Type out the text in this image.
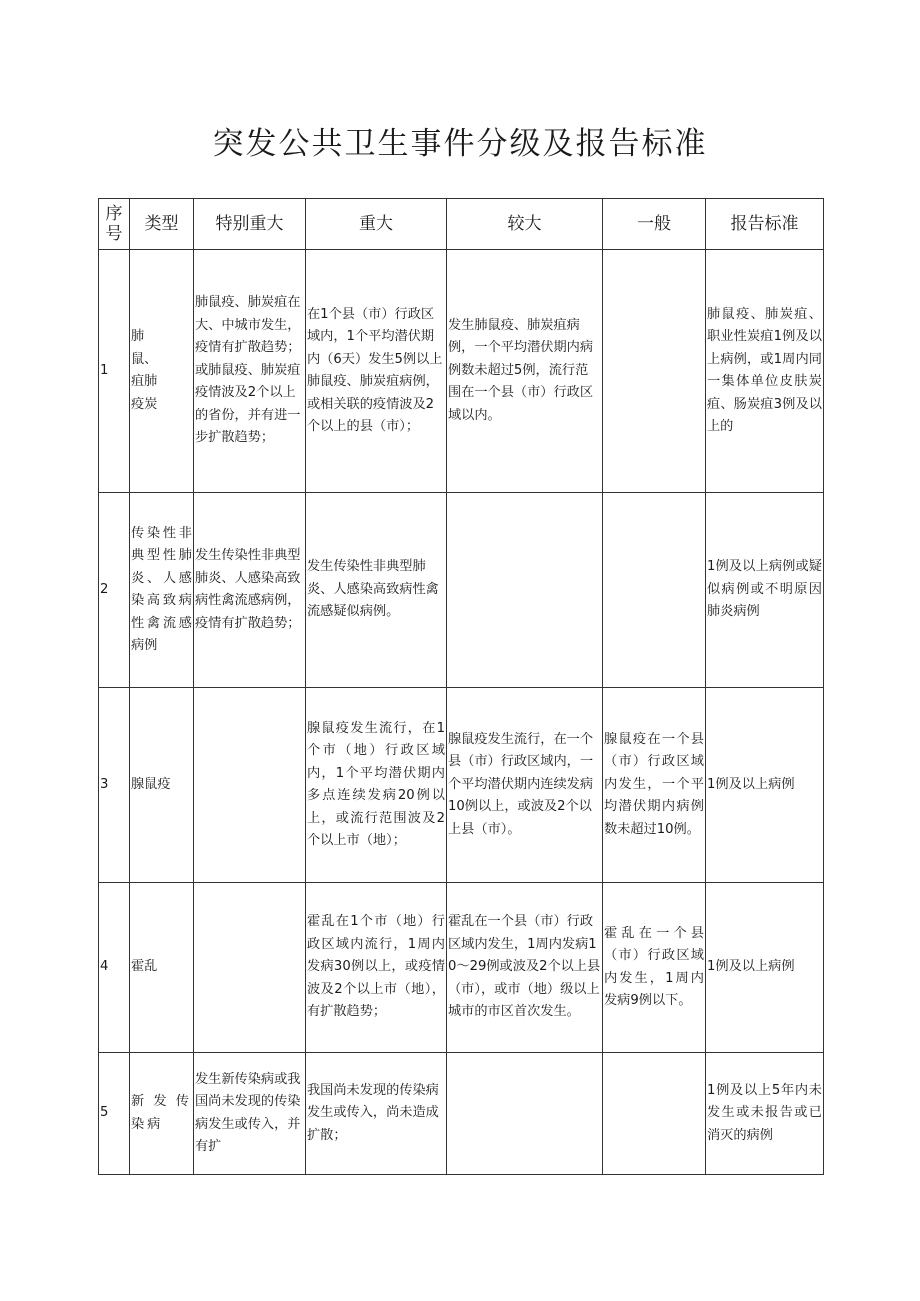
突发公共卫生事件分级及报告标准
序号	类型	特别重大	重大	较大	一般	报告标准
1	肺鼠、疽肺疫炭	肺鼠疫、肺炭疽在大、中城市发生，疫情有扩散趋势；或肺鼠疫、肺炭疽疫情波及2个以上的省份，并有进一步扩散趋势；	在1个县（市）行政区域内，1个平均潜伏期内（6天）发生5例以上肺鼠疫、肺炭疽病例，或相关联的疫情波及2个以上的县（市）；	发生肺鼠疫、肺炭疽病例，一个平均潜伏期内病例数未超过5例，流行范围在一个县（市）行政区域以内。		肺鼠疫、肺炭疽、职业性炭疽1例及以上病例，或1周内同一集体单位皮肤炭疽、肠炭疽3例及以上的
2	传染性非典型性肺炎、人感染高致病性禽流感病例	发生传染性非典型肺炎、人感染高致病性禽流感病例，疫情有扩散趋势；	发生传染性非典型肺炎、人感染高致病性禽流感疑似病例。			1例及以上病例或疑似病例或不明原因肺炎病例
3	腺鼠疫		腺鼠疫发生流行，在1个市（地）行政区域内，1个平均潜伏期内多点连续发病20例以上，或流行范围波及2个以上市（地）；	腺鼠疫发生流行，在一个县（市）行政区域内，一个平均潜伏期内连续发病10例以上，或波及2个以上县（市）。	腺鼠疫在一个县（市）行政区域内发生，一个平均潜伏期内病例数未超过10例。	1例及以上病例
4	霍乱		霍乱在1个市（地）行政区域内流行，1周内发病30例以上，或疫情波及2个以上市（地），有扩散趋势；	霍乱在一个县（市）行政区域内发生，1周内发病10～29例或波及2个以上县（市），或市（地）级以上城市的市区首次发生。	霍乱在一个县（市）行政区域内发生，1周内发病9例以下。	1例及以上病例
5	新发传染病	发生新传染病或我国尚未发现的传染病发生或传入，并有扩	我国尚未发现的传染病发生或传入，尚未造成扩散；			1例及以上5年内未发生或未报告或已消灭的病例
